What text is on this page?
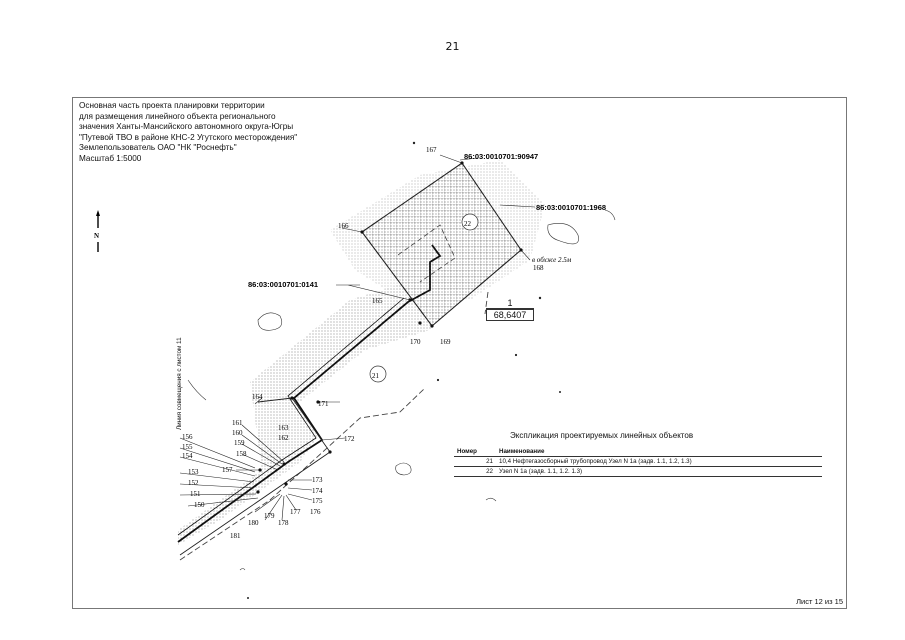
21
Основная часть проекта планировки территории
для размещения линейного объекта регионального
значения Ханты-Мансийского автономного округа-Югры
"Путевой ТВО в районе КНС-2 Угутского месторождения"
Землепользователь ОАО "НК "Роснефть"
Масштаб 1:5000
N
22
21
86:03:0010701:90947
86:03:0010701:1968
86:03:0010701:0141
в обхже 2.5м
167
166
165
168
170	169
164
171
172
163
162
161
160
159
158
156
155
154
153	157
152
151
150
173
174
175
176
177
178
179
180
181
1
68,6407
Линия совмещения с листом 11
Экспликация проектируемых линейных объектов
Номер	Наименование
21	10,4 Нефтегазосборный трубопровод Узел N 1а (задв. 1.1, 1.2, 1.3)
22	Узел N 1а (задв. 1.1, 1.2. 1.3)
Лист 12 из 15
